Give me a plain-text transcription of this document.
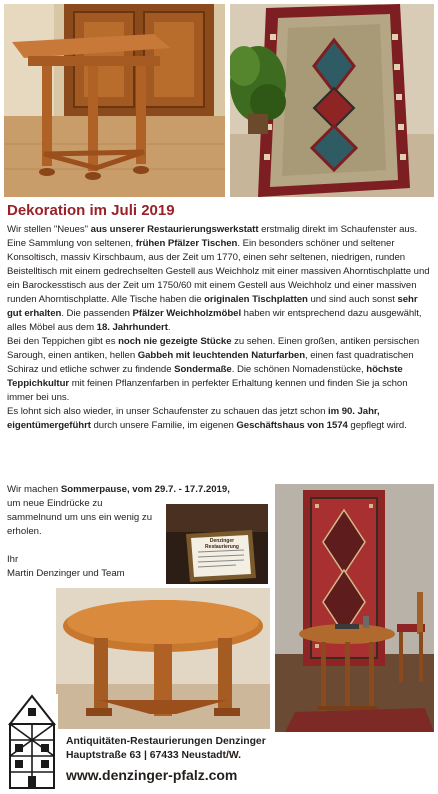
Dekoration im Juli 2019

Wir stellen "Neues" aus unserer Restaurierungswerkstatt erstmalig direkt im Schaufenster aus. Eine Sammlung von seltenen, frühen Pfälzer Tischen. Ein besonders schöner und seltener Konsoltisch, massiv Kirschbaum, aus der Zeit um 1770, einen sehr seltenen, niedrigen, runden Beistelltisch mit einem gedrechselten Gestell aus Weichholz mit einer massiven Ahorntischplatte und ein Barockesstisch aus der Zeit um 1750/60 mit einem Gestell aus Weichholz und einer massiven runden Ahorntischplatte. Alle Tische haben die originalen Tischplatten und sind auch sonst sehr gut erhalten. Die passenden Pfälzer Weichholzmöbel haben wir entsprechend dazu ausgewählt, alles Möbel aus dem 18. Jahrhundert.

Bei den Teppichen gibt es noch nie gezeigte Stücke zu sehen. Einen großen, antiken persischen Sarough, einen antiken, hellen Gabbeh mit leuchtenden Naturfarben, einen fast quadratischen Schiraz und etliche schwer zu findende Sondermaße. Die schönen Nomadenstücke, höchste Teppichkultur mit feinen Pflanzenfarben in perfekter Erhaltung kennen und finden Sie ja schon immer bei uns.

Es lohnt sich also wieder, in unser Schaufenster zu schauen das jetzt schon im 90. Jahr, eigentümergeführt durch unsere Familie, im eigenen Geschäftshaus von 1574 gepflegt wird.

Wir machen Sommerpause, vom 29.7. - 17.7.2019,

um neue Eindrücke zu sammelnund um uns ein wenig zu erholen.
Ihr
Martin Denzinger und Team
Denzinger Restaurierung
Antiquitäten-Restaurierungen Denzinger
Hauptstraße 63 | 67433 Neustadt/W.
www.denzinger-pfalz.com
